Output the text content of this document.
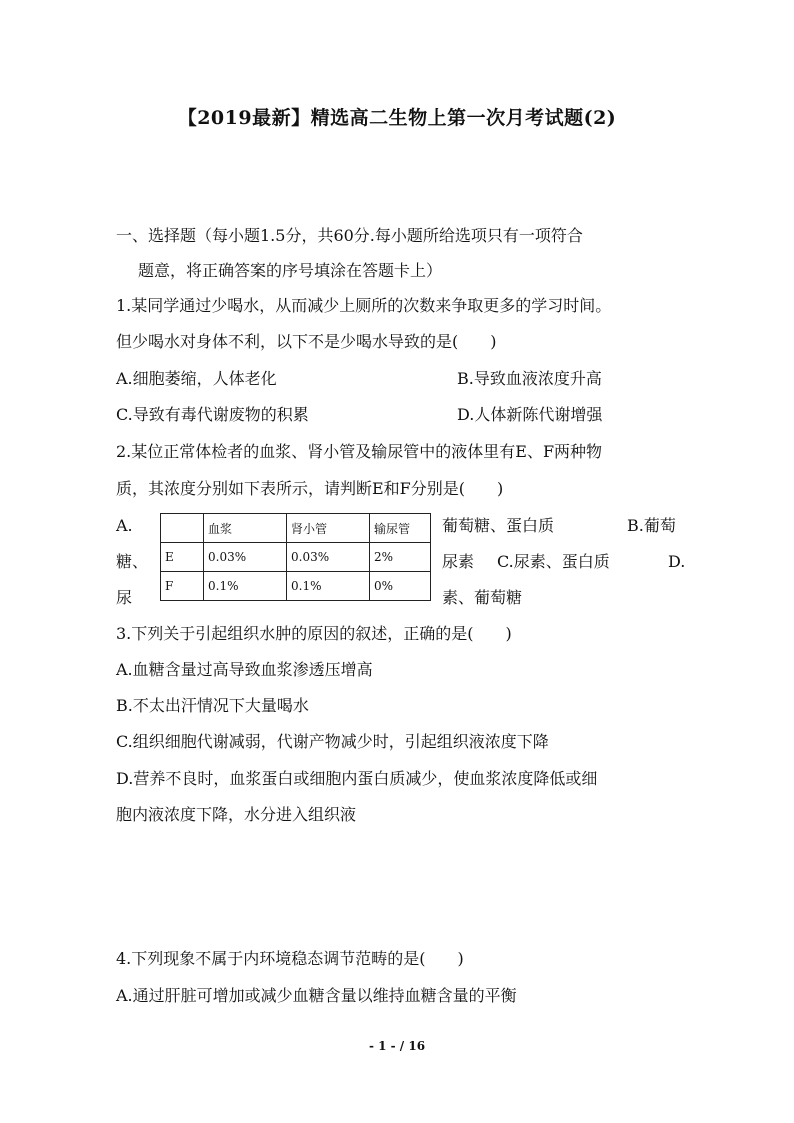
【2019最新】精选高二生物上第一次月考试题(2)
一、选择题（每小题1.5分，共60分.每小题所给选项只有一项符合
题意，将正确答案的序号填涂在答题卡上）
1.某同学通过少喝水，从而减少上厕所的次数来争取更多的学习时间。
但少喝水对身体不利，以下不是少喝水导致的是(　　)
A.细胞萎缩，人体老化	B.导致血液浓度升高
C.导致有毒代谢废物的积累	D.人体新陈代谢增强
2.某位正常体检者的血浆、肾小管及输尿管中的液体里有E、F两种物
质，其浓度分别如下表所示，请判断E和F分别是(　　)
A.
糖、
尿
	血浆	肾小管	输尿管
E	0.03%	0.03%	2%
F	0.1%	0.1%	0%
葡萄糖、蛋白质	B.葡萄
尿素 C.尿素、蛋白质	D.
素、葡萄糖
3.下列关于引起组织水肿的原因的叙述，正确的是(　　)
A.血糖含量过高导致血浆渗透压增高
B.不太出汗情况下大量喝水
C.组织细胞代谢减弱，代谢产物减少时，引起组织液浓度下降
D.营养不良时，血浆蛋白或细胞内蛋白质减少，使血浆浓度降低或细
胞内液浓度下降，水分进入组织液
4.下列现象不属于内环境稳态调节范畴的是(　　)
A.通过肝脏可增加或减少血糖含量以维持血糖含量的平衡
- 1 - / 16
